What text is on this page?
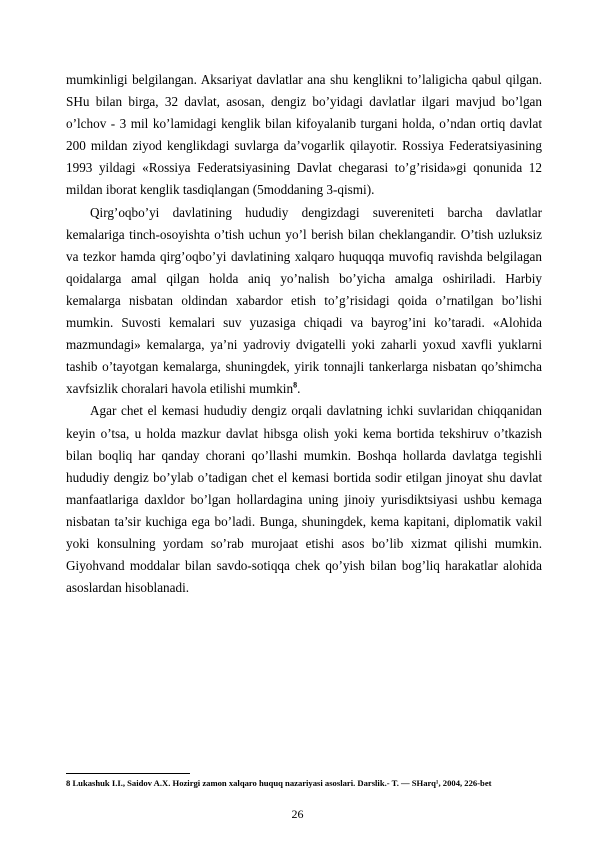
mumkinligi belgilangan. Aksariyat davlatlar ana shu kenglikni to’laligicha qabul qilgan. SHu bilan birga, 32 davlat, asosan, dengiz bo’yidagi davlatlar ilgari mavjud bo’lgan o’lchov - 3 mil ko’lamidagi kenglik bilan kifoyalanib turgani holda, o’ndan ortiq davlat 200 mildan ziyod kenglikdagi suvlarga da’vogarlik qilayotir. Rossiya Federatsiyasining 1993 yildagi «Rossiya Federatsiyasining Davlat chegarasi to’g’risida»gi qonunida 12 mildan iborat kenglik tasdiqlangan (5moddaning 3-qismi).

Qirg’oqbo’yi davlatining hududiy dengizdagi suvereniteti barcha davlatlar kemalariga tinch-osoyishta o’tish uchun yo’l berish bilan cheklangandir. O’tish uzluksiz va tezkor hamda qirg’oqbo’yi davlatining xalqaro huquqqa muvofiq ravishda belgilagan qoidalarga amal qilgan holda aniq yo’nalish bo’yicha amalga oshiriladi. Harbiy kemalarga nisbatan oldindan xabardor etish to’g’risidagi qoida o’rnatilgan bo’lishi mumkin. Suvosti kemalari suv yuzasiga chiqadi va bayrog’ini ko’taradi. «Alohida mazmundagi» kemalarga, ya’ni yadroviy dvigatelli yoki zaharli yoxud xavfli yuklarni tashib o’tayotgan kemalarga, shuningdek, yirik tonnajli tankerlarga nisbatan qo’shimcha xavfsizlik choralari havola etilishi mumkin$^8$.

Agar chet el kemasi hududiy dengiz orqali davlatning ichki suvlaridan chiqqanidan keyin o’tsa, u holda mazkur davlat hibsga olish yoki kema bortida tekshiruv o’tkazish bilan boqliq har qanday chorani qo’llashi mumkin. Boshqa hollarda davlatga tegishli hududiy dengiz bo’ylab o’tadigan chet el kemasi bortida sodir etilgan jinoyat shu davlat manfaatlariga daxldor bo’lgan hollardagina uning jinoiy yurisdiktsiyasi ushbu kemaga nisbatan ta’sir kuchiga ega bo’ladi. Bunga, shuningdek, kema kapitani, diplomatik vakil yoki konsulning yordam so’rab murojaat etishi asos bo’lib xizmat qilishi mumkin. Giyohvand moddalar bilan savdo-sotiqqa chek qo’yish bilan bog’liq harakatlar alohida asoslardan hisoblanadi.

8 Lukashuk I.I., Saidov A.X. Hozirgi zamon xalqaro huquq nazariyasi asoslari. Darslik.- T. — SHarq¹, 2004, 226-bet

26
